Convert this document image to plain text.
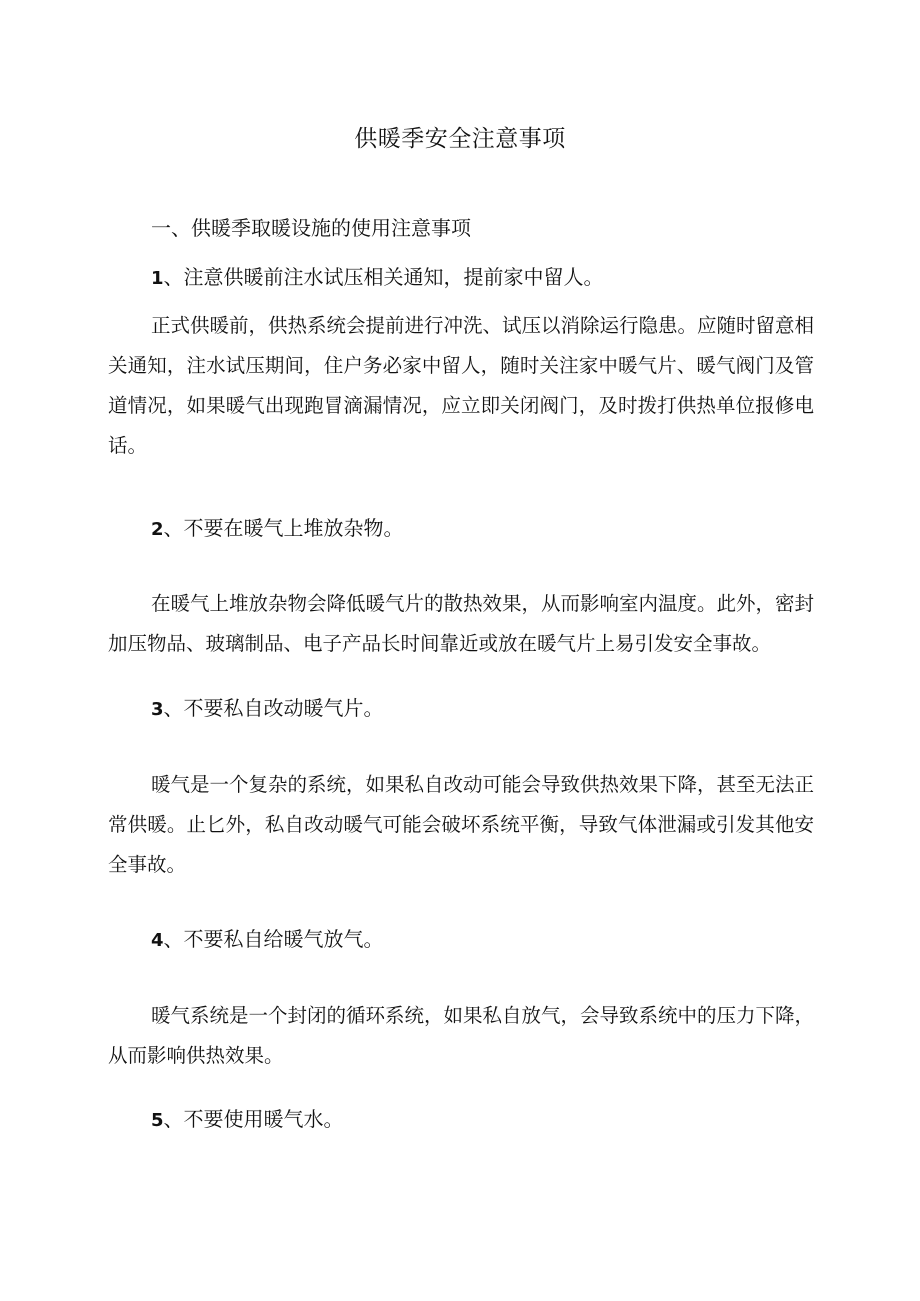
供暖季安全注意事项
一、供暖季取暖设施的使用注意事项
1、注意供暖前注水试压相关通知，提前家中留人。

正式供暖前，供热系统会提前进行冲洗、试压以消除运行隐患。应随时留意相关通知，注水试压期间，住户务必家中留人，随时关注家中暖气片、暖气阀门及管道情况，如果暖气出现跑冒滴漏情况，应立即关闭阀门，及时拨打供热单位报修电话。

2、不要在暖气上堆放杂物。

在暖气上堆放杂物会降低暖气片的散热效果，从而影响室内温度。此外，密封加压物品、玻璃制品、电子产品长时间靠近或放在暖气片上易引发安全事故。

3、不要私自改动暖气片。

暖气是一个复杂的系统，如果私自改动可能会导致供热效果下降，甚至无法正常供暖。止匕外，私自改动暖气可能会破坏系统平衡，导致气体泄漏或引发其他安全事故。

4、不要私自给暖气放气。

暖气系统是一个封闭的循环系统，如果私自放气，会导致系统中的压力下降，从而影响供热效果。

5、不要使用暖气水。
